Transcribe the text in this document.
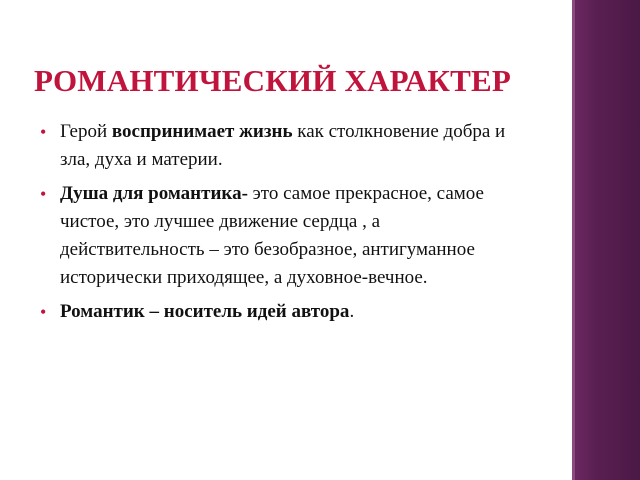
РОМАНТИЧЕСКИЙ ХАРАКТЕР
• Герой воспринимает жизнь как столкновение добра и зла, духа и материи.
• Душа для романтика- это самое прекрасное, самое чистое, это лучшее движение сердца , а действительность – это безобразное, антигуманное исторически приходящее, а духовное-вечное.
• Романтик – носитель идей автора.
